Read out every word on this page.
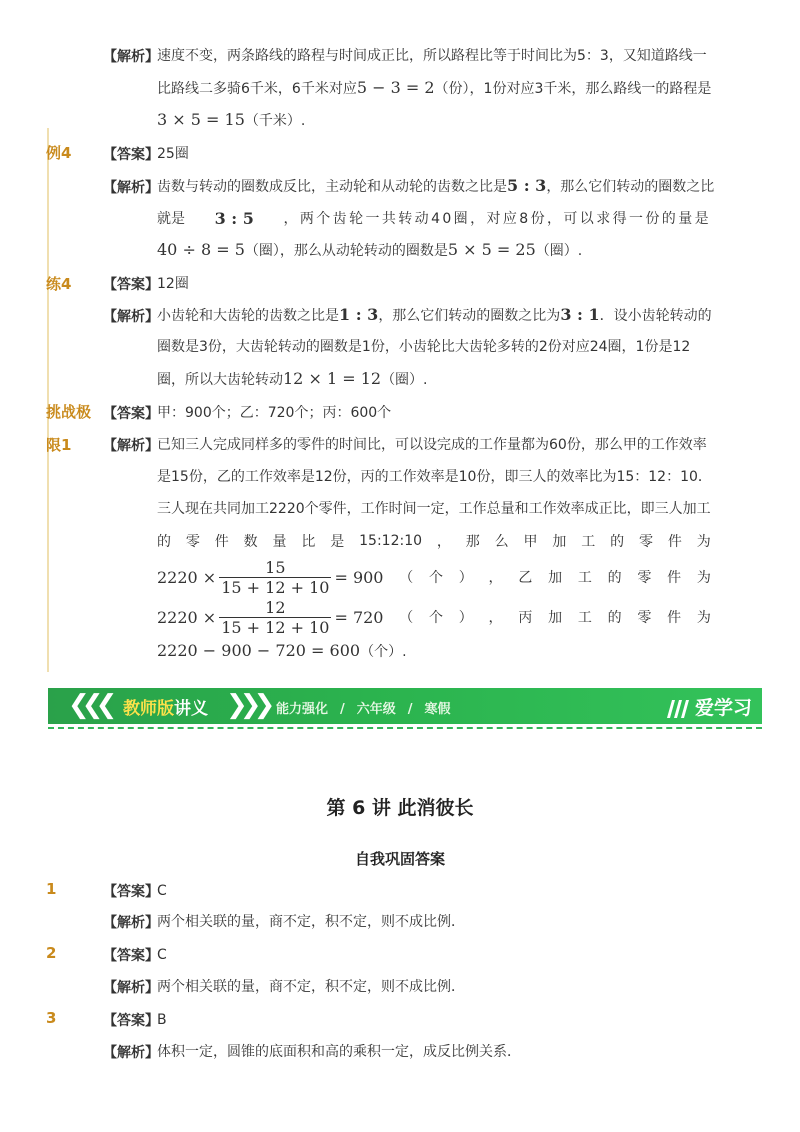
【解析】
速度不变，两条路线的路程与时间成正比，所以路程比等于时间比为5：3，又知道路线一
比路线二多骑6千米，6千米对应5 − 3 = 2（份），1份对应3千米，那么路线一的路程是
3 × 5 = 15（千米）.
例4 【答案】
25圈
【解析】
齿数与转动的圈数成反比，主动轮和从动轮的齿数之比是5 : 3，那么它们转动的圈数之比
就是 3 : 5 ，两个齿轮一共转动40圈，对应8份，可以求得一份的量是
40 ÷ 8 = 5（圈），那么从动轮转动的圈数是5 × 5 = 25（圈）.
练4 【答案】
12圈
【解析】
小齿轮和大齿轮的齿数之比是1 : 3，那么它们转动的圈数之比为3 : 1．设小齿轮转动的
圈数是3份，大齿轮转动的圈数是1份，小齿轮比大齿轮多转的2份对应24圈，1份是12
圈，所以大齿轮转动12 × 1 = 12（圈）.
挑战极 【答案】
甲：900个；乙：720个；丙：600个
限1 【解析】
已知三人完成同样多的零件的时间比，可以设完成的工作量都为60份，那么甲的工作效率
是15份，乙的工作效率是12份，丙的工作效率是10份，即三人的效率比为15：12：10．
三人现在共同加工2220个零件，工作时间一定，工作总量和工作效率成正比，即三人加工
的 零 件 数 量 比 是 15:12:10 ， 那 么 甲 加 工 的 零 件 为
$2220 \times \frac{15}{15 + 12 + 10} = 900$ （ 个 ） ， 乙 加 工 的 零 件 为
$2220 \times \frac{12}{15 + 12 + 10} = 720$ （ 个 ） ， 丙 加 工 的 零 件 为
2220 − 900 − 720 = 600（个）.
❮❮❮ 教师版讲义 ❯❯❯ 能力强化 / 六年级 / 寒假	爱学习
第 6 讲 此消彼长
自我巩固答案
1	【答案】
C
【解析】
两个相关联的量，商不定，积不定，则不成比例．
2	【答案】
C
【解析】
两个相关联的量，商不定，积不定，则不成比例．
3	【答案】
B
【解析】
体积一定，圆锥的底面积和高的乘积一定，成反比例关系．
